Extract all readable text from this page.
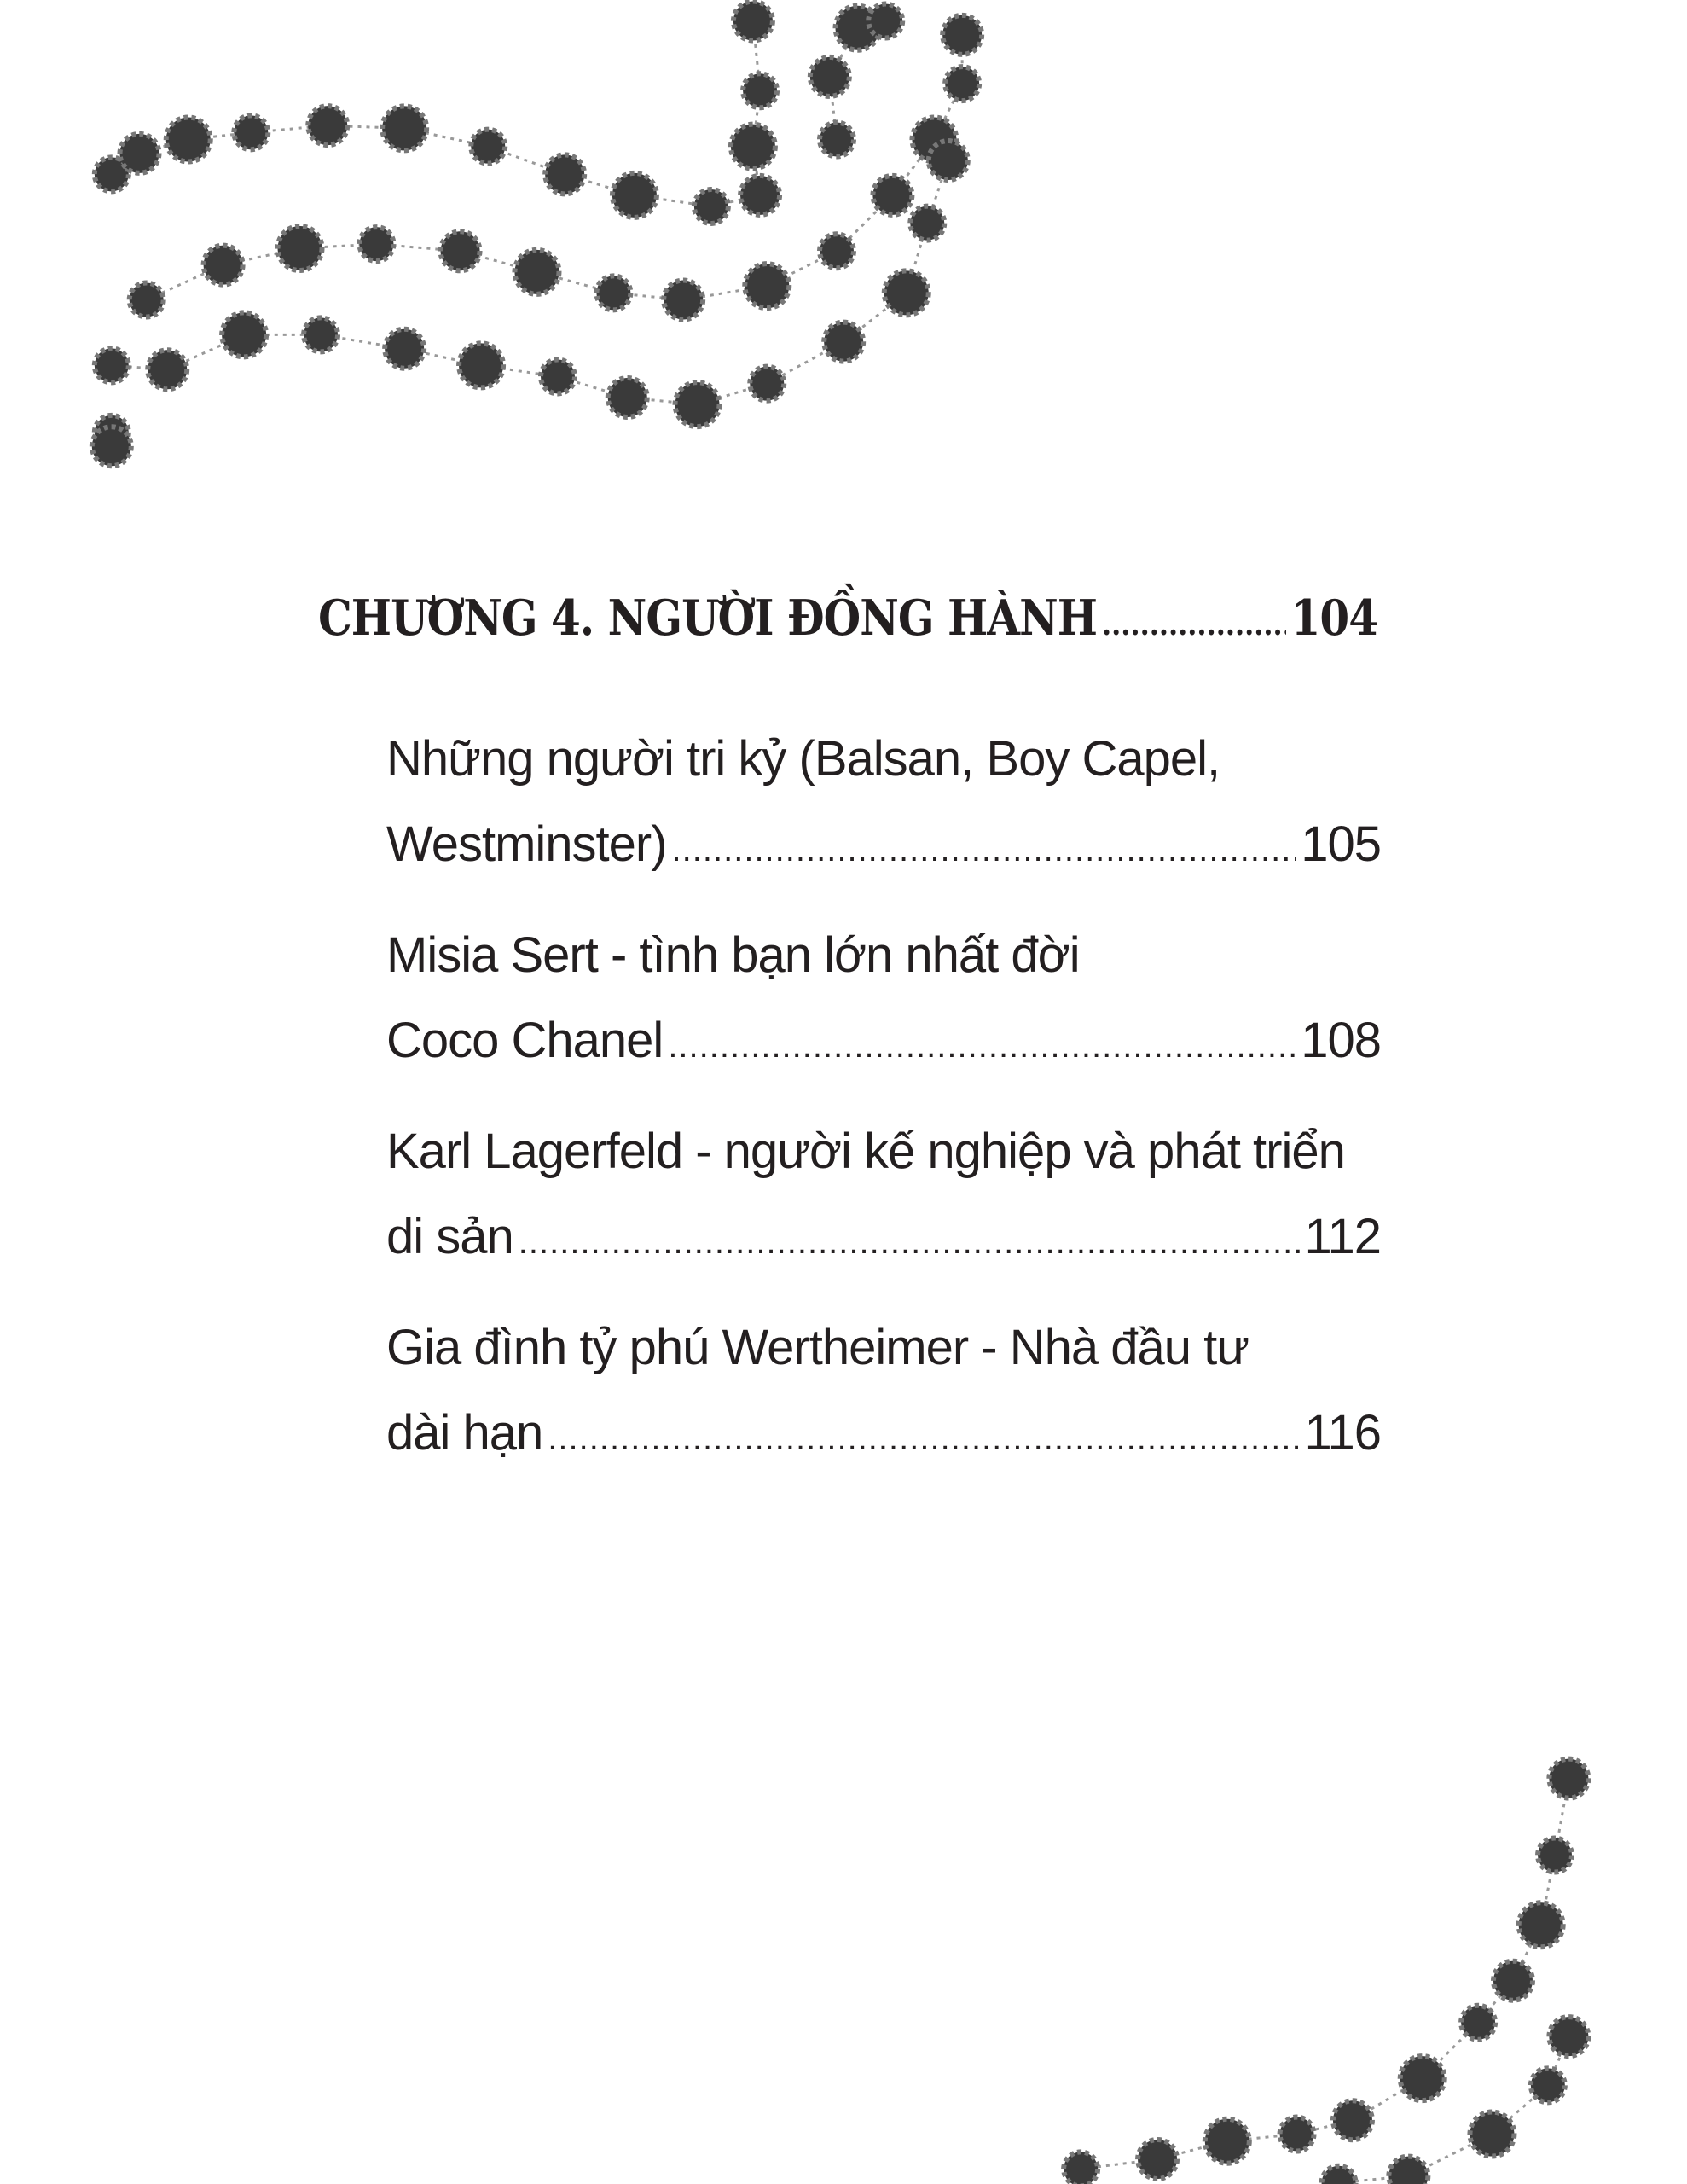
CHƯƠNG 4. NGƯỜI ĐỒNG HÀNH .....	104
Những người tri kỷ (Balsan, Boy Capel,
Westminster) .....	105
Misia Sert - tình bạn lớn nhất đời
Coco Chanel .....	108
Karl Lagerfeld - người kế nghiệp và phát triển
di sản .....	112
Gia đình tỷ phú Wertheimer - Nhà đầu tư
dài hạn .....	116
